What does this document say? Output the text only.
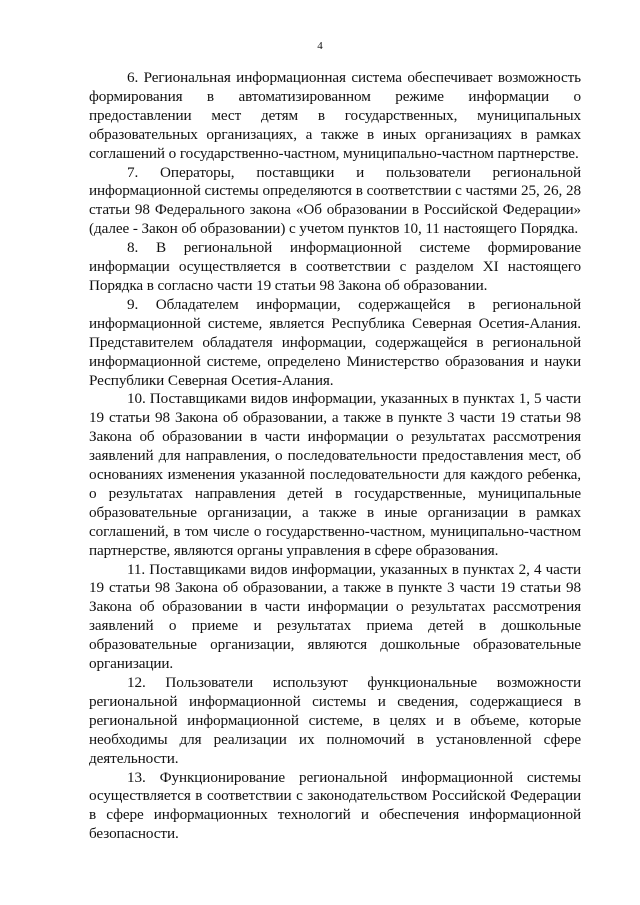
4

6. Региональная информационная система обеспечивает возможность формирования в автоматизированном режиме информации о предоставлении мест детям в государственных, муниципальных образовательных организациях, а также в иных организациях в рамках соглашений о государственно-частном, муниципально-частном партнерстве.

7. Операторы, поставщики и пользователи региональной информационной системы определяются в соответствии с частями 25, 26, 28 статьи 98 Федерального закона «Об образовании в Российской Федерации» (далее - Закон об образовании) с учетом пунктов 10, 11 настоящего Порядка.

8. В региональной информационной системе формирование информации осуществляется в соответствии с разделом XI настоящего Порядка в согласно части 19 статьи 98 Закона об образовании.

9. Обладателем информации, содержащейся в региональной информационной системе, является Республика Северная Осетия-Алания. Представителем обладателя информации, содержащейся в региональной информационной системе, определено Министерство образования и науки Республики Северная Осетия-Алания.

10. Поставщиками видов информации, указанных в пунктах 1, 5 части 19 статьи 98 Закона об образовании, а также в пункте 3 части 19 статьи 98 Закона об образовании в части информации о результатах рассмотрения заявлений для направления, о последовательности предоставления мест, об основаниях изменения указанной последовательности для каждого ребенка, о результатах направления детей в государственные, муниципальные образовательные организации, а также в иные организации в рамках соглашений, в том числе о государственно-частном, муниципально-частном партнерстве, являются органы управления в сфере образования.

11. Поставщиками видов информации, указанных в пунктах 2, 4 части 19 статьи 98 Закона об образовании, а также в пункте 3 части 19 статьи 98 Закона об образовании в части информации о результатах рассмотрения заявлений о приеме и результатах приема детей в дошкольные образовательные организации, являются дошкольные образовательные организации.

12. Пользователи используют функциональные возможности региональной информационной системы и сведения, содержащиеся в региональной информационной системе, в целях и в объеме, которые необходимы для реализации их полномочий в установленной сфере деятельности.

13. Функционирование региональной информационной системы осуществляется в соответствии с законодательством Российской Федерации в сфере информационных технологий и обеспечения информационной безопасности.
